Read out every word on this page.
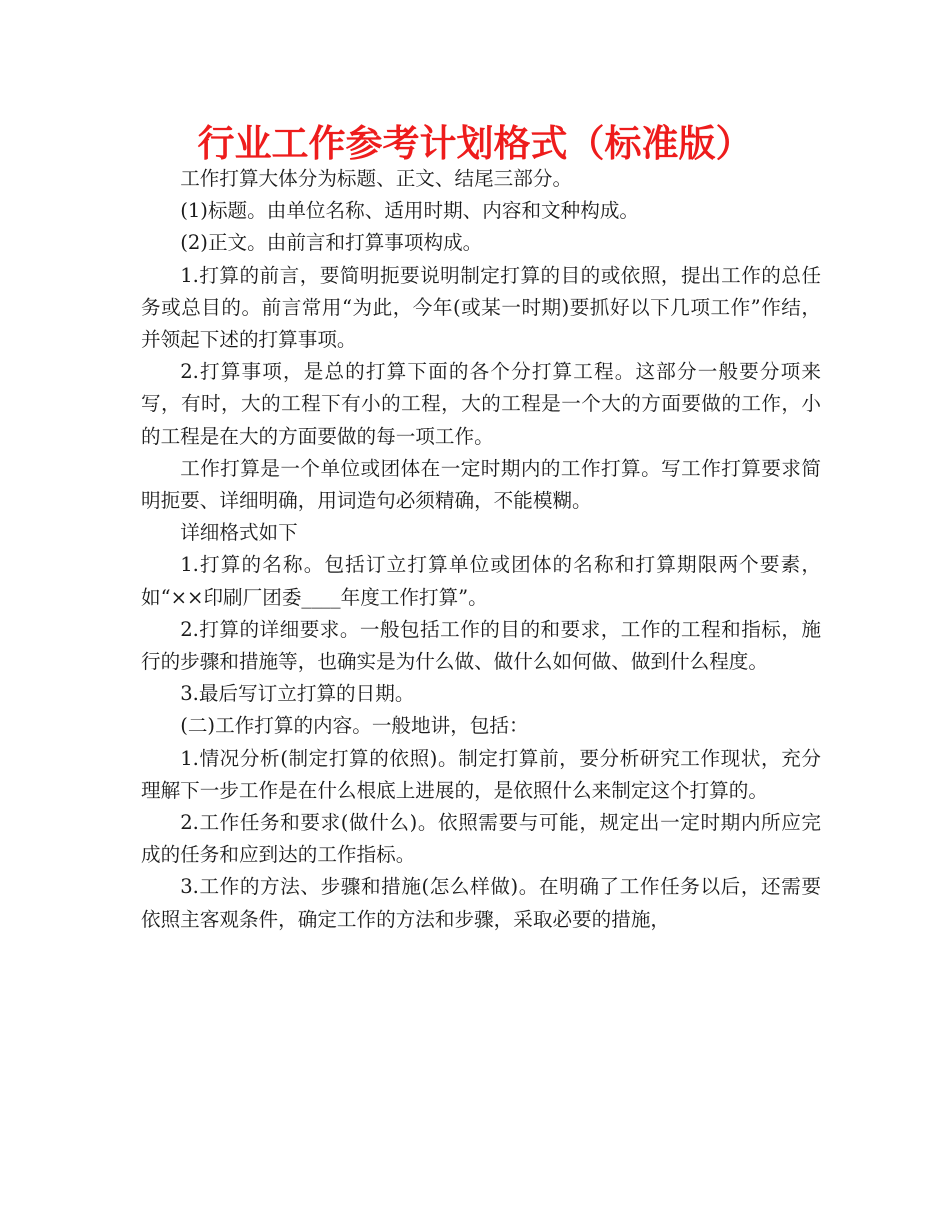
行业工作参考计划格式（标准版）

工作打算大体分为标题、正文、结尾三部分。

(1)标题。由单位名称、适用时期、内容和文种构成。

(2)正文。由前言和打算事项构成。

1.打算的前言，要简明扼要说明制定打算的目的或依照，提出工作的总任务或总目的。前言常用“为此，今年(或某一时期)要抓好以下几项工作”作结，并领起下述的打算事项。

2.打算事项，是总的打算下面的各个分打算工程。这部分一般要分项来写，有时，大的工程下有小的工程，大的工程是一个大的方面要做的工作，小的工程是在大的方面要做的每一项工作。

工作打算是一个单位或团体在一定时期内的工作打算。写工作打算要求简明扼要、详细明确，用词造句必须精确，不能模糊。

详细格式如下

1.打算的名称。包括订立打算单位或团体的名称和打算期限两个要素，如“××印刷厂团委____年度工作打算”。

2.打算的详细要求。一般包括工作的目的和要求，工作的工程和指标，施行的步骤和措施等，也确实是为什么做、做什么如何做、做到什么程度。

3.最后写订立打算的日期。

(二)工作打算的内容。一般地讲，包括：

1.情况分析(制定打算的依照)。制定打算前，要分析研究工作现状，充分理解下一步工作是在什么根底上进展的，是依照什么来制定这个打算的。

2.工作任务和要求(做什么)。依照需要与可能，规定出一定时期内所应完成的任务和应到达的工作指标。

3.工作的方法、步骤和措施(怎么样做)。在明确了工作任务以后，还需要依照主客观条件，确定工作的方法和步骤，采取必要的措施，
